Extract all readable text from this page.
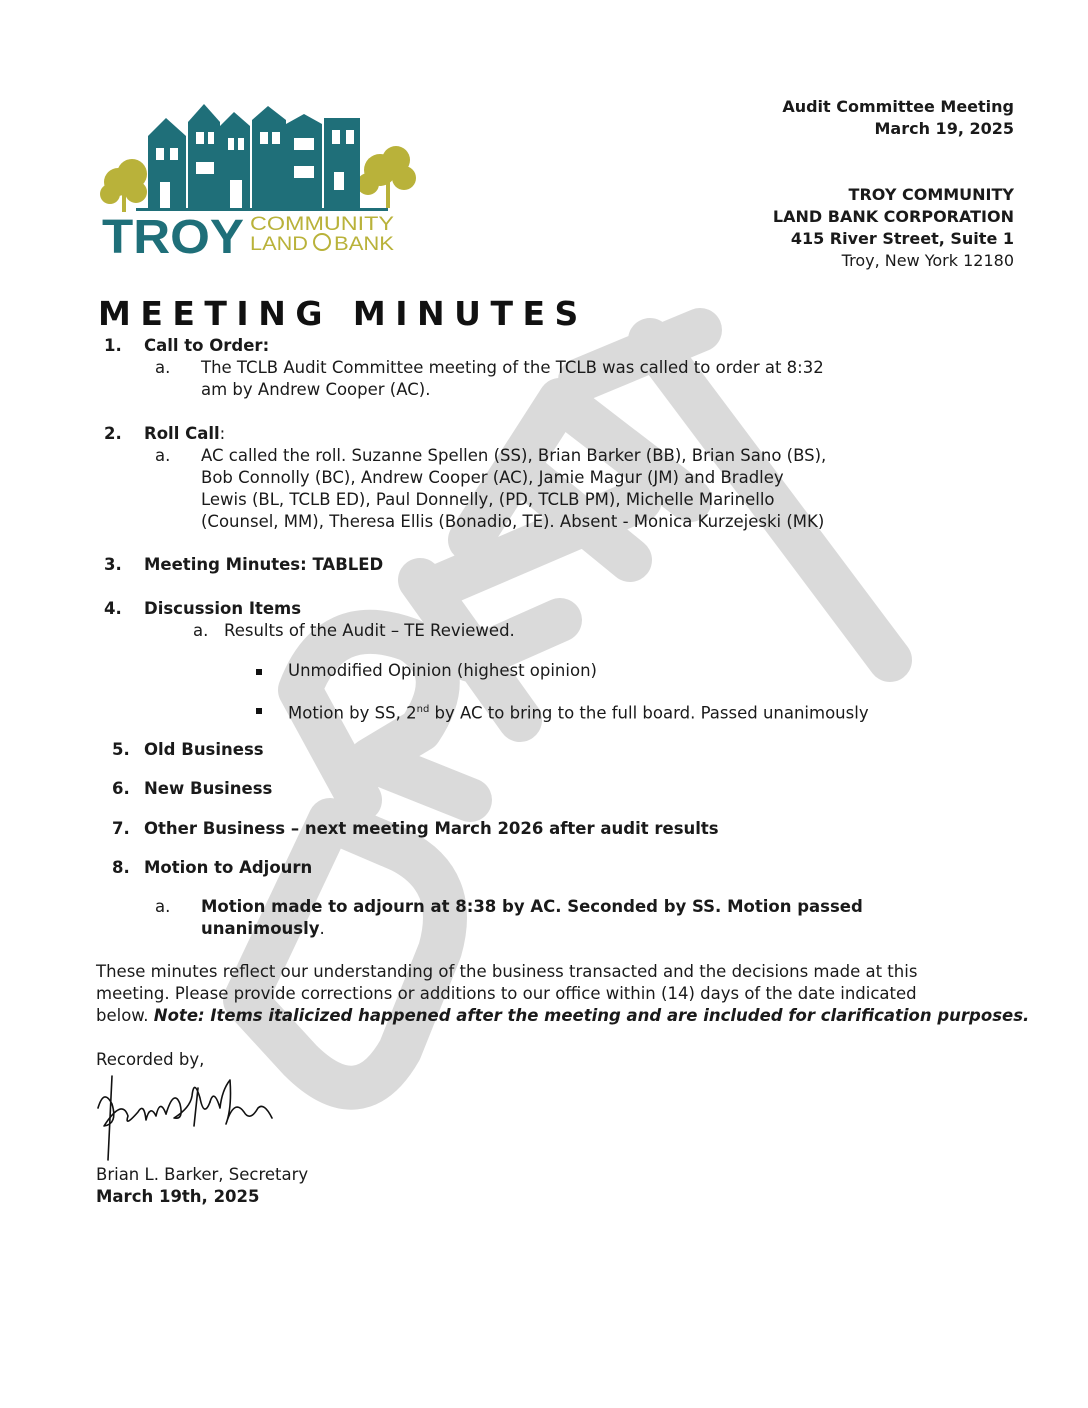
TROY COMMUNITY
LAND BANK
Audit Committee Meeting
March 19, 2025
TROY COMMUNITY
LAND BANK CORPORATION
415 River Street, Suite 1
Troy, New York 12180
MEETING MINUTES
1. Call to Order:
a. The TCLB Audit Committee meeting of the TCLB was called to order at 8:32
am by Andrew Cooper (AC).
2. Roll Call:
a. AC called the roll. Suzanne Spellen (SS), Brian Barker (BB), Brian Sano (BS),
Bob Connolly (BC), Andrew Cooper (AC), Jamie Magur (JM) and Bradley
Lewis (BL, TCLB ED), Paul Donnelly, (PD, TCLB PM), Michelle Marinello
(Counsel, MM), Theresa Ellis (Bonadio, TE). Absent - Monica Kurzejeski (MK)
3. Meeting Minutes: TABLED
4. Discussion Items
a. Results of the Audit – TE Reviewed.
Unmodified Opinion (highest opinion)
Motion by SS, 2nd by AC to bring to the full board. Passed unanimously
5. Old Business
6. New Business
7. Other Business – next meeting March 2026 after audit results
8. Motion to Adjourn
a. Motion made to adjourn at 8:38 by AC. Seconded by SS. Motion passed
unanimously.
These minutes reflect our understanding of the business transacted and the decisions made at this
meeting. Please provide corrections or additions to our office within (14) days of the date indicated
below. Note: Items italicized happened after the meeting and are included for clarification purposes.
Recorded by,
Brian L. Barker, Secretary
March 19th, 2025
